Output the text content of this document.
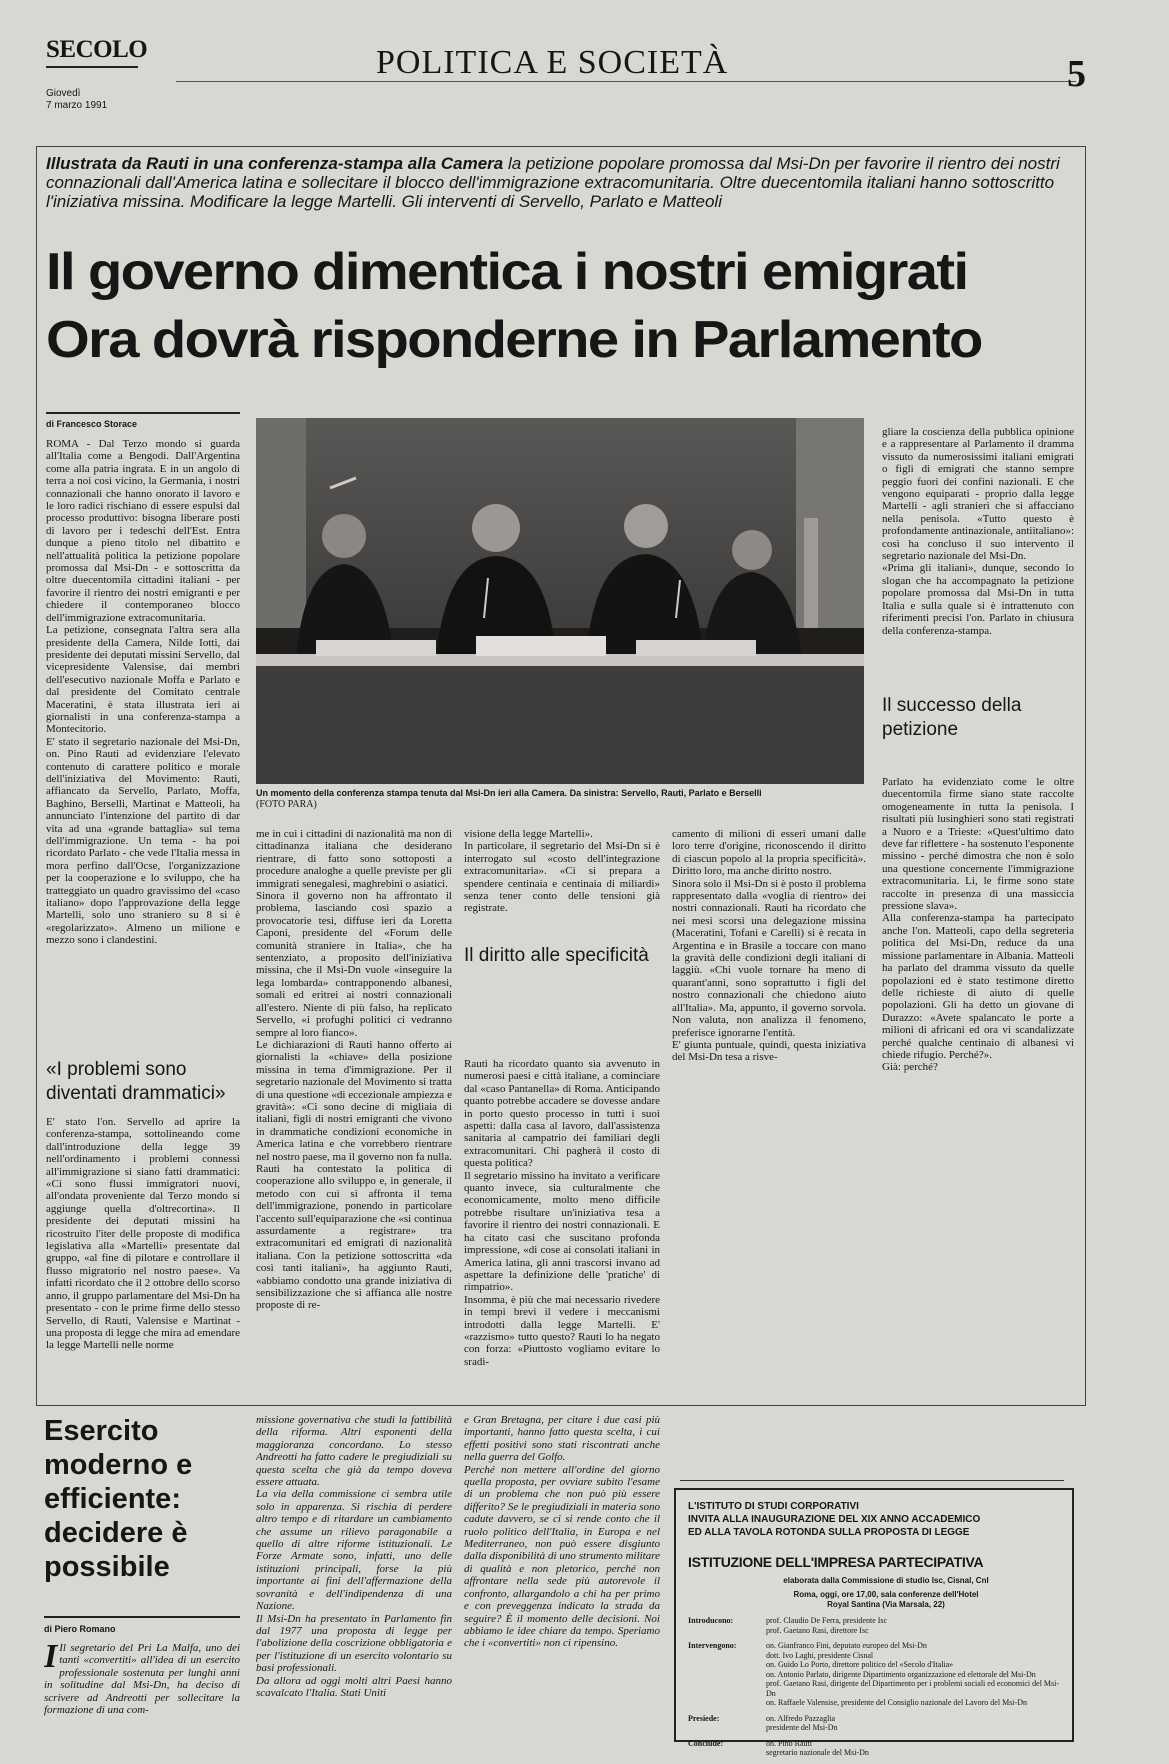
SECOLO
Giovedì
7 marzo 1991
POLITICA E SOCIETÀ	5
Illustrata da Rauti in una conferenza-stampa alla Camera la petizione popolare promossa dal Msi-Dn per favorire il rientro dei nostri connazionali dall'America latina e sollecitare il blocco dell'immigrazione extracomunitaria. Oltre duecentomila italiani hanno sottoscritto l'iniziativa missina. Modificare la legge Martelli. Gli interventi di Servello, Parlato e Matteoli
Il governo dimentica i nostri emigrati
Ora dovrà risponderne in Parlamento
di Francesco Storace
ROMA - Dal Terzo mondo si guarda all'Italia come a Bengodi. Dall'Argentina come alla patria ingrata. E in un angolo di terra a noi così vicino, la Germania, i nostri connazionali che hanno onorato il lavoro e le loro radici rischiano di essere espulsi dal processo produttivo: bisogna liberare posti di lavoro per i tedeschi dell'Est. Entra dunque a pieno titolo nel dibattito e nell'attualità politica la petizione popolare promossa dal Msi-Dn - e sottoscritta da oltre duecentomila cittadini italiani - per favorire il rientro dei nostri emigranti e per chiedere il contemporaneo blocco dell'immigrazione extracomunitaria.
La petizione, consegnata l'altra sera alla presidente della Camera, Nilde Iotti, dai presidente dei deputati missini Servello, dal vicepresidente Valensise, dai membri dell'esecutivo nazionale Moffa e Parlato e dal presidente del Comitato centrale Maceratini, è stata illustrata ieri ai giornalisti in una conferenza-stampa a Montecitorio.
E' stato il segretario nazionale del Msi-Dn, on. Pino Rauti ad evidenziare l'elevato contenuto di carattere politico e morale dell'iniziativa del Movimento: Rauti, affiancato da Servello, Parlato, Moffa, Baghino, Berselli, Martinat e Matteoli, ha annunciato l'intenzione del partito di dar vita ad una «grande battaglia» sul tema dell'immigrazione. Un tema - ha poi ricordato Parlato - che vede l'Italia messa in mora perfino dall'Ocse, l'organizzazione per la cooperazione e lo sviluppo, che ha tratteggiato un quadro gravissimo del «caso italiano» dopo l'approvazione della legge Martelli, solo uno straniero su 8 si è «regolarizzato». Almeno un milione e mezzo sono i clandestini.
«I problemi sono diventati drammatici»
E' stato l'on. Servello ad aprire la conferenza-stampa, sottolineando come dall'introduzione della legge 39 nell'ordinamento i problemi connessi all'immigrazione si siano fatti drammatici: «Ci sono flussi immigratori nuovi, all'ondata proveniente dal Terzo mondo si aggiunge quella d'oltrecortina». Il presidente dei deputati missini ha ricostruito l'iter delle proposte di modifica legislativa alla «Martelli» presentate dal gruppo, «al fine di pilotare e controllare il flusso migratorio nel nostro paese». Va infatti ricordato che il 2 ottobre dello scorso anno, il gruppo parlamentare del Msi-Dn ha presentato - con le prime firme dello stesso Servello, di Rauti, Valensise e Martinat - una proposta di legge che mira ad emendare la legge Martelli nelle norme
Un momento della conferenza stampa tenuta dal Msi-Dn ieri alla Camera. Da sinistra: Servello, Rauti, Parlato e Berselli
(FOTO PARA)
me in cui i cittadini di nazionalità ma non di cittadinanza italiana che desiderano rientrare, di fatto sono sottoposti a procedure analoghe a quelle previste per gli immigrati senegalesi, maghrebini o asiatici.
Sinora il governo non ha affrontato il problema, lasciando così spazio a provocatorie tesi, diffuse ieri da Loretta Caponi, presidente del «Forum delle comunità straniere in Italia», che ha sentenziato, a proposito dell'iniziativa missina, che il Msi-Dn vuole «inseguire la lega lombarda» contrapponendo albanesi, somali ed eritrei ai nostri connazionali all'estero. Niente di più falso, ha replicato Servello, «i profughi politici ci vedranno sempre al loro fianco».
Le dichiarazioni di Rauti hanno offerto ai giornalisti la «chiave» della posizione missina in tema d'immigrazione. Per il segretario nazionale del Movimento si tratta di una questione «di eccezionale ampiezza e gravità»: «Ci sono decine di migliaia di italiani, figli di nostri emigranti che vivono in drammatiche condizioni economiche in America latina e che vorrebbero rientrare nel nostro paese, ma il governo non fa nulla. Rauti ha contestato la politica di cooperazione allo sviluppo e, in generale, il metodo con cui si affronta il tema dell'immigrazione, ponendo in particolare l'accento sull'equiparazione che «si continua assurdamente a registrare» tra extracomunitari ed emigrati di nazionalità italiana. Con la petizione sottoscritta «da così tanti italiani», ha aggiunto Rauti, «abbiamo condotto una grande iniziativa di sensibilizzazione che si affianca alle nostre proposte di re-
visione della legge Martelli».
In particolare, il segretario del Msi-Dn si è interrogato sul «costo dell'integrazione extracomunitaria». «Ci si prepara a spendere centinaia e centinaia di miliardi» senza tener conto delle tensioni già registrate.
Il diritto alle specificità
Rauti ha ricordato quanto sia avvenuto in numerosi paesi e città italiane, a cominciare dal «caso Pantanella» di Roma. Anticipando quanto potrebbe accadere se dovesse andare in porto questo processo in tutti i suoi aspetti: dalla casa al lavoro, dall'assistenza sanitaria al campatrio dei familiari degli extracomunitari. Chi pagherà il costo di questa politica?
Il segretario missino ha invitato a verificare quanto invece, sia culturalmente che economicamente, molto meno difficile potrebbe risultare un'iniziativa tesa a favorire il rientro dei nostri connazionali. E ha citato casi che suscitano profonda impressione, «di cose ai consolati italiani in America latina, gli anni trascorsi invano ad aspettare la definizione delle 'pratiche' di rimpatrio».
Insomma, è più che mai necessario rivedere in tempi brevi il vedere i meccanismi introdotti dalla legge Martelli. E' «razzismo» tutto questo? Rauti lo ha negato con forza: «Piuttosto vogliamo evitare lo sradi-
camento di milioni di esseri umani dalle loro terre d'origine, riconoscendo il diritto di ciascun popolo al la propria specificità». Diritto loro, ma anche diritto nostro.
Sinora solo il Msi-Dn si è posto il problema rappresentato dalla «voglia di rientro» dei nostri connazionali. Rauti ha ricordato che nei mesi scorsi una delegazione missina (Maceratini, Tofani e Carelli) si è recata in Argentina e in Brasile a toccare con mano la gravità delle condizioni degli italiani di laggiù. «Chi vuole tornare ha meno di quarant'anni, sono soprattutto i figli del nostro connazionali che chiedono aiuto all'Italia». Ma, appunto, il governo sorvola. Non valuta, non analizza il fenomeno, preferisce ignorarne l'entità.
E' giunta puntuale, quindi, questa iniziativa del Msi-Dn tesa a risve-
gliare la coscienza della pubblica opinione e a rappresentare al Parlamento il dramma vissuto da numerosissimi italiani emigrati o figli di emigrati che stanno sempre peggio fuori dei confini nazionali. E che vengono equiparati - proprio dalla legge Martelli - agli stranieri che si affacciano nella penisola. «Tutto questo è profondamente antinazionale, antiitaliano»: così ha concluso il suo intervento il segretario nazionale del Msi-Dn.
«Prima gli italiani», dunque, secondo lo slogan che ha accompagnato la petizione popolare promossa dal Msi-Dn in tutta Italia e sulla quale si è intrattenuto con riferimenti precisi l'on. Parlato in chiusura della conferenza-stampa.
Il successo della petizione
Parlato ha evidenziato come le oltre duecentomila firme siano state raccolte omogeneamente in tutta la penisola. I risultati più lusinghieri sono stati registrati a Nuoro e a Trieste: «Quest'ultimo dato deve far riflettere - ha sostenuto l'esponente missino - perché dimostra che non è solo una questione concernente l'immigrazione extracomunitaria. Li, le firme sono state raccolte in presenza di una massiccia pressione slava».
Alla conferenza-stampa ha partecipato anche l'on. Matteoli, capo della segreteria politica del Msi-Dn, reduce da una missione parlamentare in Albania. Matteoli ha parlato del dramma vissuto da quelle popolazioni ed è stato testimone diretto delle richieste di aiuto di quelle popolazioni. Gli ha detto un giovane di Durazzo: «Avete spalancato le porte a milioni di africani ed ora vi scandalizzate perché qualche centinaio di albanesi vi chiede rifugio. Perché?».
Già: perché?
Esercito moderno e efficiente: decidere è possibile
di Piero Romano
I Il segretario del Pri La Malfa, uno dei tanti «convertiti» all'idea di un esercito professionale sostenuta per lunghi anni in solitudine dal Msi-Dn, ha deciso di scrivere ad Andreotti per sollecitare la formazione di una com-
missione governativa che studi la fattibilità della riforma. Altri esponenti della maggioranza concordano. Lo stesso Andreotti ha fatto cadere le pregiudiziali su questa scelta che già da tempo doveva essere attuata.
La via della commissione ci sembra utile solo in apparenza. Si rischia di perdere altro tempo e di ritardare un cambiamento che assume un rilievo paragonabile a quello di altre riforme istituzionali. Le Forze Armate sono, infatti, uno delle istituzioni principali, forse la più importante ai fini dell'affermazione della sovranità e dell'indipendenza di una Nazione.
Il Msi-Dn ha presentato in Parlamento fin dal 1977 una proposta di legge per l'abolizione della coscrizione obbligatoria e per l'istituzione di un esercito volontario su basi professionali.
Da allora ad oggi molti altri Paesi hanno scavalcato l'Italia. Stati Uniti
e Gran Bretagna, per citare i due casi più importanti, hanno fatto questa scelta, i cui effetti positivi sono stati riscontrati anche nella guerra del Golfo.
Perché non mettere all'ordine del giorno quella proposta, per ovviare subito l'esame di un problema che non può più essere differito? Se le pregiudiziali in materia sono cadute davvero, se ci si rende conto che il ruolo politico dell'Italia, in Europa e nel Mediterraneo, non può essere disgiunto dalla disponibilità di uno strumento militare di qualità e non pletorico, perché non affrontare nella sede più autorevole il confronto, allargandolo a chi ha per primo e con preveggenza indicato la strada da seguire? È il momento delle decisioni. Noi abbiamo le idee chiare da tempo. Speriamo che i «convertiti» non ci ripensino.
L'ISTITUTO DI STUDI CORPORATIVI
INVITA ALLA INAUGURAZIONE DEL XIX ANNO ACCADEMICO
ED ALLA TAVOLA ROTONDA SULLA PROPOSTA DI LEGGE
ISTITUZIONE DELL'IMPRESA PARTECIPATIVA
elaborata dalla Commissione di studio Isc, Cisnal, Cnl
Roma, oggi, ore 17,00, sala conferenze dell'Hotel Royal Santina (Via Marsala, 22)
Introducono:	prof. Claudio De Ferra, presidente Isc
prof. Gaetano Rasi, direttore Isc
Intervengono:	on. Gianfranco Fini, deputato europeo del Msi-Dn
dott. Ivo Laghi, presidente Cisnal
on. Guido Lo Porto, direttore politico del «Secolo d'Italia»
on. Antonio Parlato, dirigente Dipartimento organizzazione ed elettorale del Msi-Dn
prof. Gaetano Rasi, dirigente del Dipartimento per i problemi sociali ed economici del Msi-Dn
on. Raffaele Valensise, presidente del Consiglio nazionale del Lavoro del Msi-Dn
Presiede:	on. Alfredo Pazzaglia
presidente del Msi-Dn
Conclude:	on. Pino Rauti
segretario nazionale del Msi-Dn
